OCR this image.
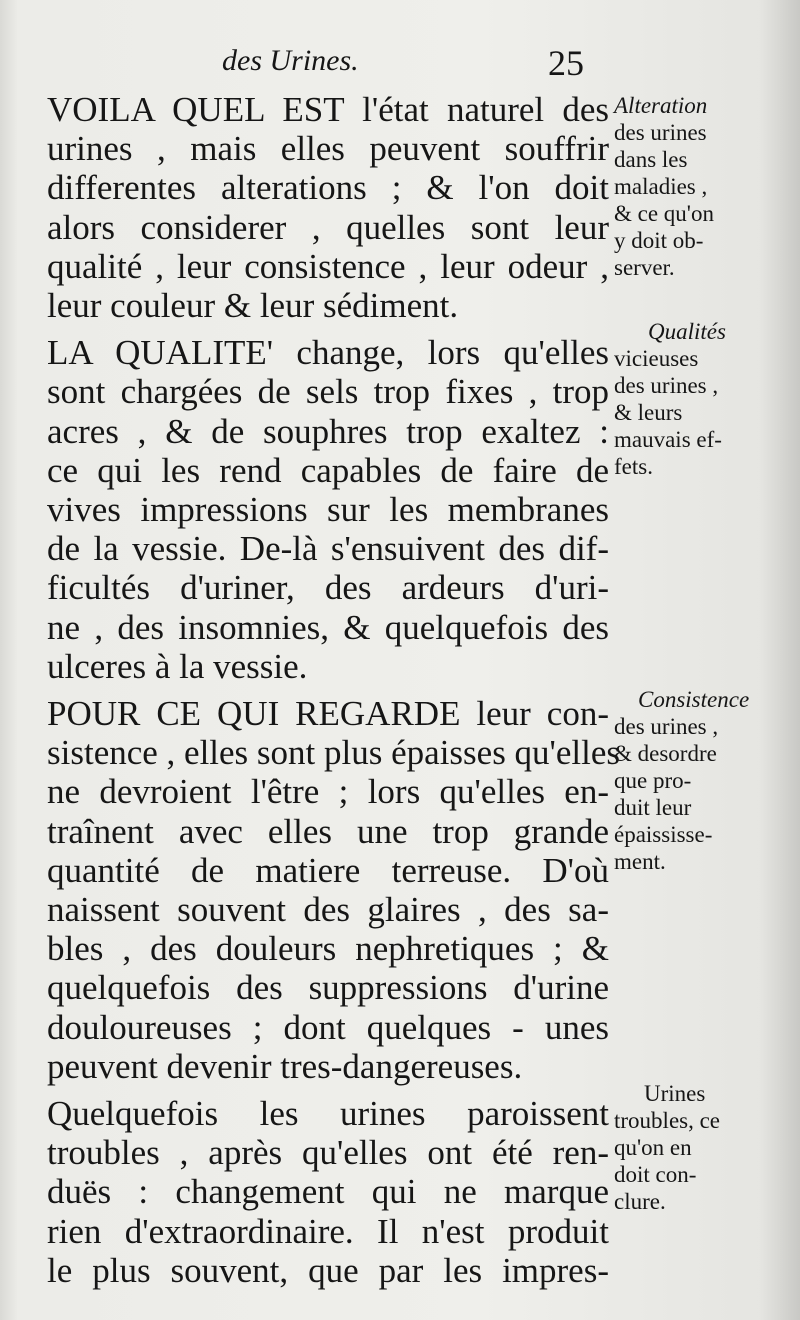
des Urines.	25

VOILA QUEL EST l'état naturel des
urines , mais elles peuvent souffrir
differentes alterations ; & l'on doit
alors considerer , quelles sont leur
qualité , leur consistence , leur odeur ,
leur couleur & leur sédiment.

LA QUALITE' change, lors qu'elles
sont chargées de sels trop fixes , trop
acres , & de souphres trop exaltez :
ce qui les rend capables de faire de
vives impressions sur les membranes
de la vessie. De-là s'ensuivent des dif-
ficultés d'uriner, des ardeurs d'uri-
ne , des insomnies, & quelquefois des
ulceres à la vessie.

POUR CE QUI REGARDE leur con-
sistence , elles sont plus épaisses qu'elles
ne devroient l'être ; lors qu'elles en-
traînent avec elles une trop grande
quantité de matiere terreuse. D'où
naissent souvent des glaires , des sa-
bles , des douleurs nephretiques ; &
quelquefois des suppressions d'urine
douloureuses ; dont quelques - unes
peuvent devenir tres-dangereuses.

Quelquefois les urines paroissent
troubles , après qu'elles ont été ren-
duës : changement qui ne marque
rien d'extraordinaire. Il n'est produit
le plus souvent, que par les impres-

Alteration
des urines
dans les
maladies ,
& ce qu'on
y doit ob-
server.
Qualités
vicieuses
des urines ,
& leurs
mauvais ef-
fets.
Consistence
des urines ,
& desordre
que pro-
duit leur
épaississe-
ment.
Urines
troubles, ce
qu'on en
doit con-
clure.
